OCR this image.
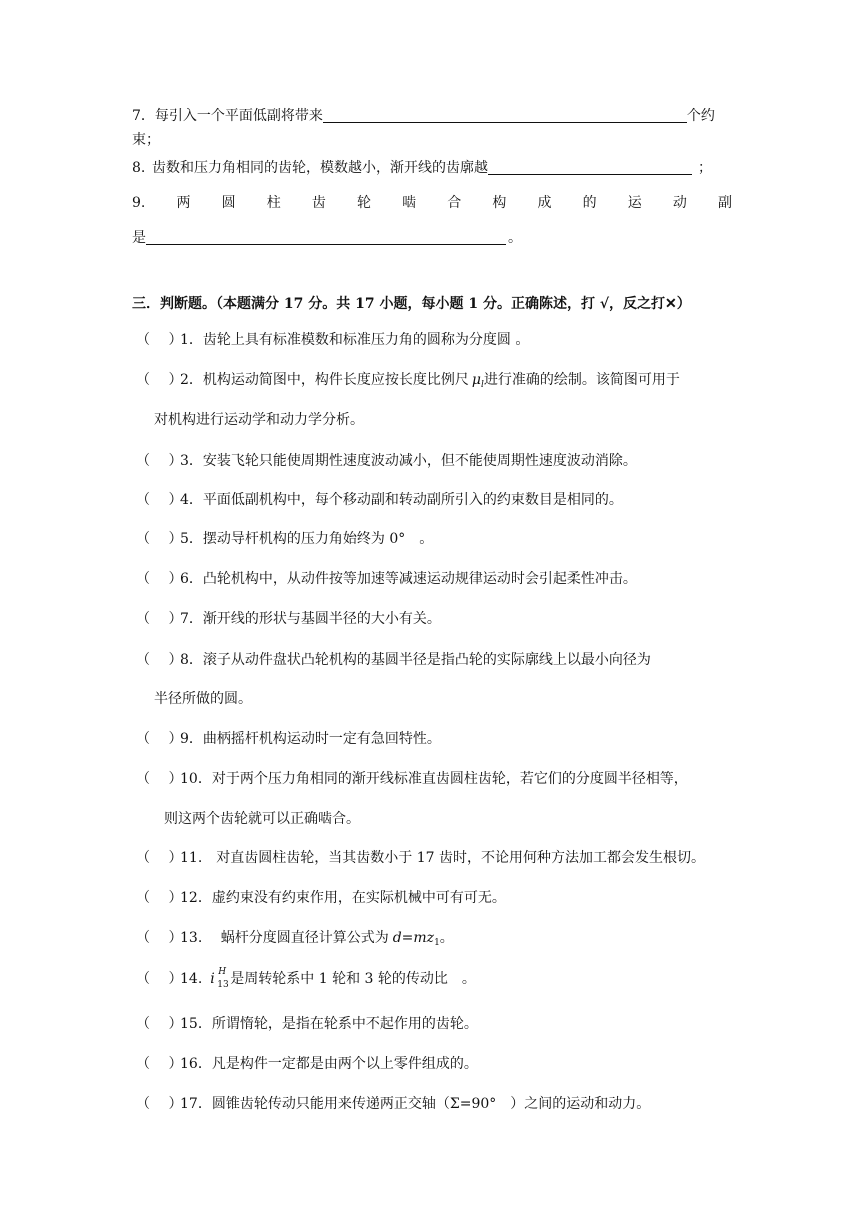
7．每引入一个平面低副将带来	个约
束；
8. 齿数和压力角相同的齿轮，模数越小，渐开线的齿廓越	；
9. 两 圆 柱 齿 轮 啮 合 构 成 的 运 动 副
是	。
三．判断题。（本题满分 17 分。共 17 小题，每小题 1 分。正确陈述，打 √，反之打✕）
（　 ）1．齿轮上具有标准模数和标准压力角的圆称为分度圆 。
（　 ）2．机构运动简图中，构件长度应按长度比例尺 $\mu_l$进行准确的绘制。该简图可用于
对机构进行运动学和动力学分析。
（　 ）3．安装飞轮只能使周期性速度波动减小，但不能使周期性速度波动消除。
（　 ）4．平面低副机构中，每个移动副和转动副所引入的约束数目是相同的。
（　 ）5．摆动导杆机构的压力角始终为 0°　。
（　 ）6．凸轮机构中，从动件按等加速等减速运动规律运动时会引起柔性冲击。
（　 ）7．渐开线的形状与基圆半径的大小有关。
（　 ）8．滚子从动件盘状凸轮机构的基圆半径是指凸轮的实际廓线上以最小向径为
半径所做的圆。
（　 ）9．曲柄摇杆机构运动时一定有急回特性。
（　 ）10．对于两个压力角相同的渐开线标准直齿圆柱齿轮，若它们的分度圆半径相等，
则这两个齿轮就可以正确啮合。
（　 ）11.　对直齿圆柱齿轮，当其齿数小于 17 齿时，不论用何种方法加工都会发生根切。
（　 ）12．虚约束没有约束作用，在实际机械中可有可无。
（　 ）13.　 蜗杆分度圆直径计算公式为 $d=mz_1$。
（　 ）14. i H
13 是周转轮系中 1 轮和 3 轮的传动比　。
（　 ）15．所谓惰轮，是指在轮系中不起作用的齿轮。
（　 ）16．凡是构件一定都是由两个以上零件组成的。
（　 ）17．圆锥齿轮传动只能用来传递两正交轴（Σ=90°　）之间的运动和动力。
